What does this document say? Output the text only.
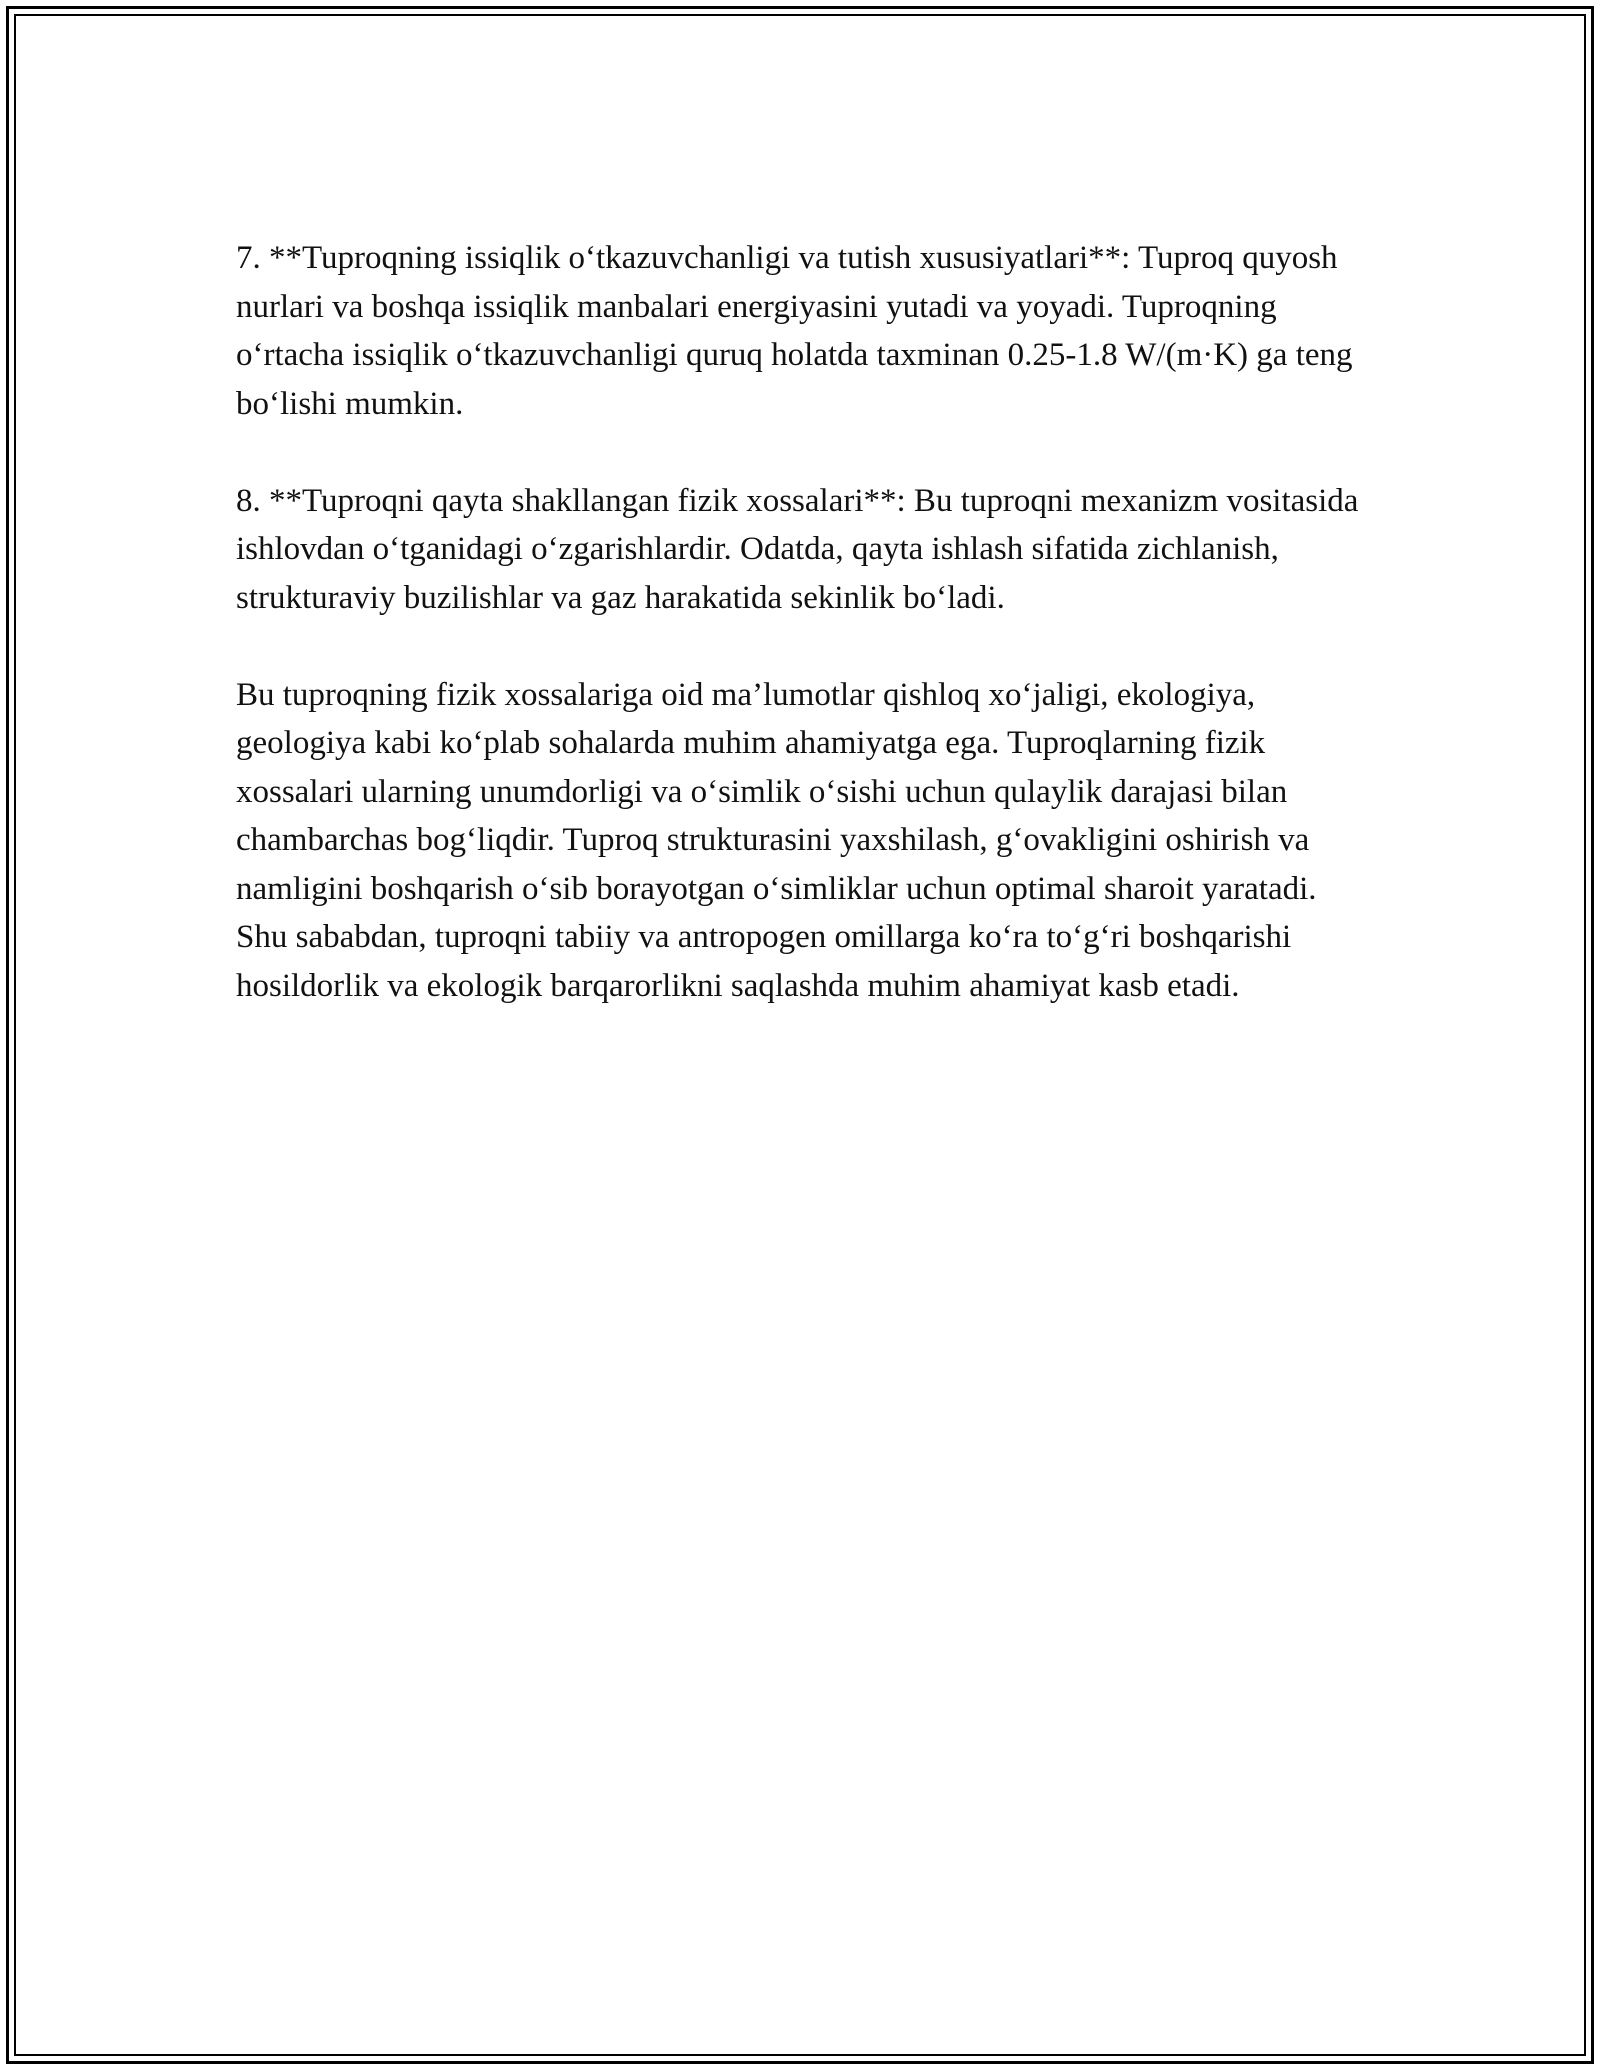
7. **Tuproqning issiqlik o‘tkazuvchanligi va tutish xususiyatlari**: Tuproq quyosh nurlari va boshqa issiqlik manbalari energiyasini yutadi va yoyadi. Tuproqning o‘rtacha issiqlik o‘tkazuvchanligi quruq holatda taxminan 0.25-1.8 W/(m·K) ga teng bo‘lishi mumkin.

8. **Tuproqni qayta shakllangan fizik xossalari**: Bu tuproqni mexanizm vositasida ishlovdan o‘tganidagi o‘zgarishlardir. Odatda, qayta ishlash sifatida zichlanish, strukturaviy buzilishlar va gaz harakatida sekinlik bo‘ladi.

Bu tuproqning fizik xossalariga oid ma’lumotlar qishloq xo‘jaligi, ekologiya, geologiya kabi ko‘plab sohalarda muhim ahamiyatga ega. Tuproqlarning fizik xossalari ularning unumdorligi va o‘simlik o‘sishi uchun qulaylik darajasi bilan chambarchas bog‘liqdir. Tuproq strukturasini yaxshilash, g‘ovakligini oshirish va namligini boshqarish o‘sib borayotgan o‘simliklar uchun optimal sharoit yaratadi. Shu sababdan, tuproqni tabiiy va antropogen omillarga ko‘ra to‘g‘ri boshqarishi hosildorlik va ekologik barqarorlikni saqlashda muhim ahamiyat kasb etadi.
